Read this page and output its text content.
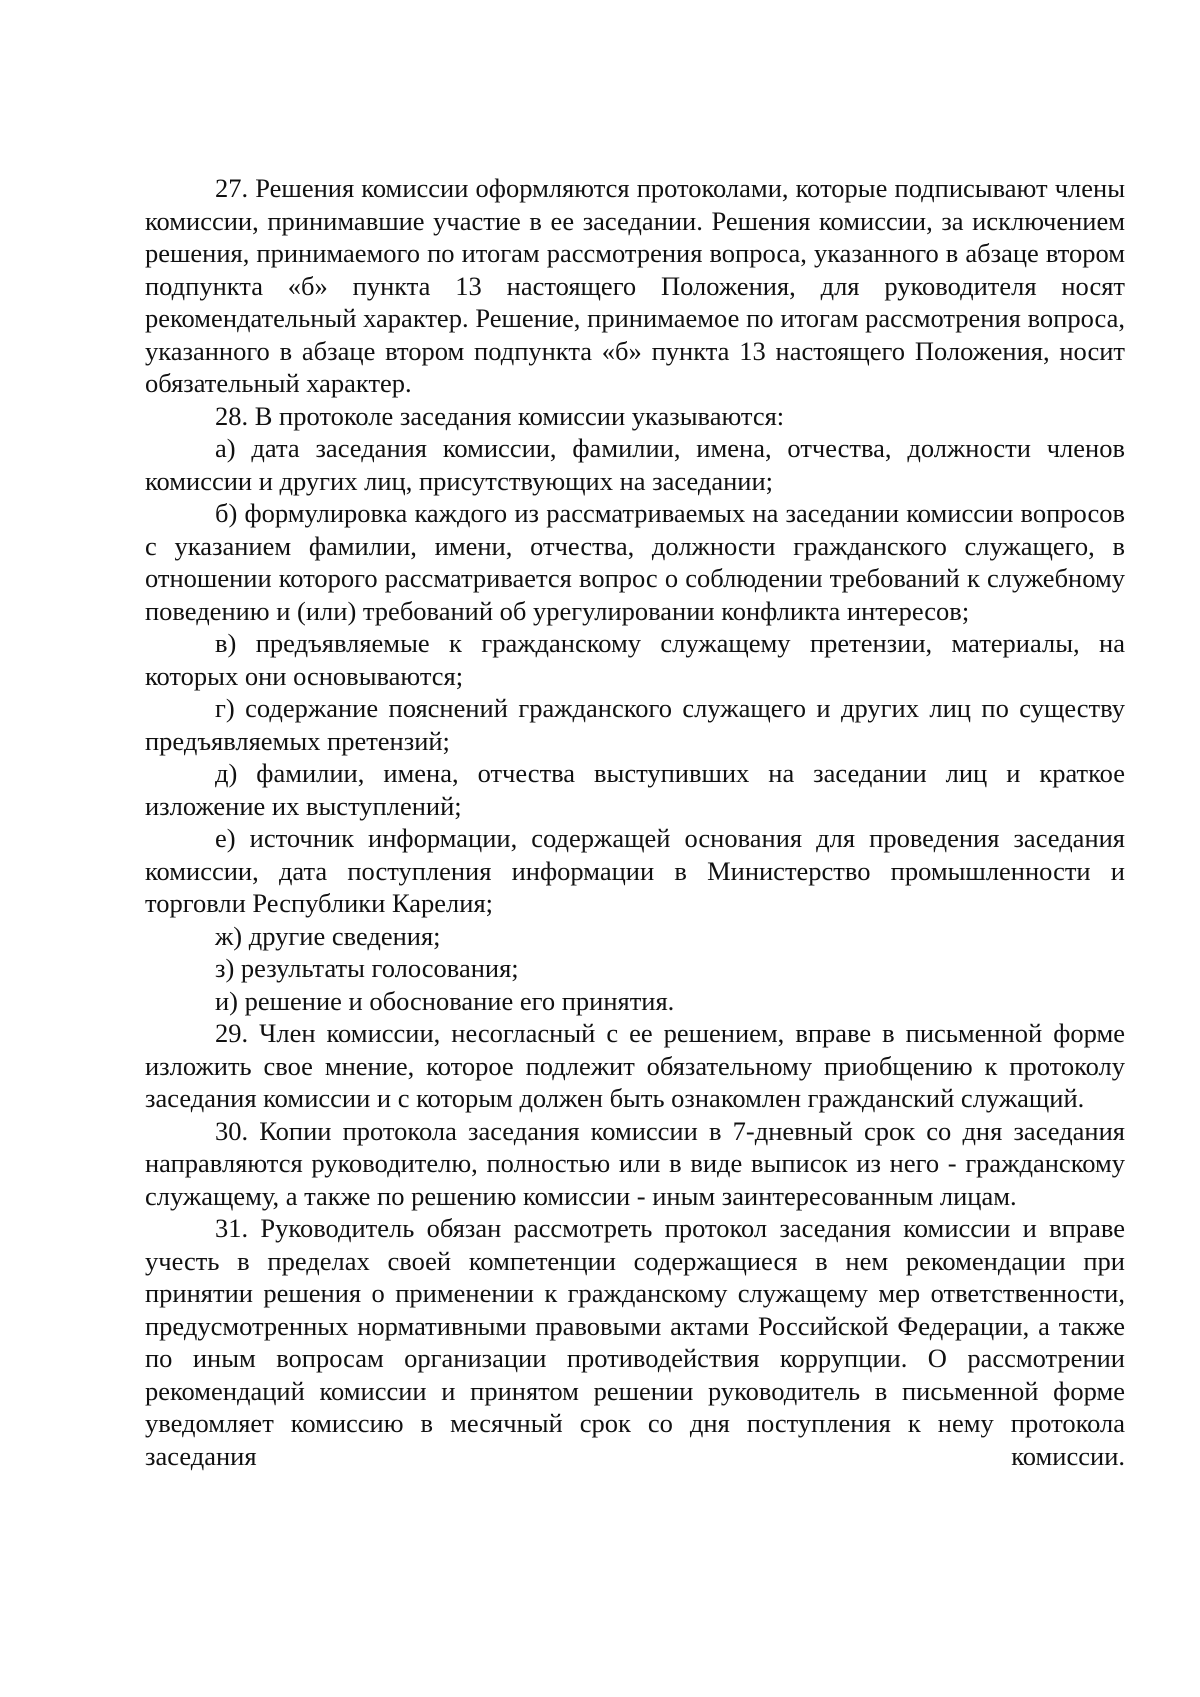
27. Решения комиссии оформляются протоколами, которые подписывают члены комиссии, принимавшие участие в ее заседании. Решения комиссии, за исключением решения, принимаемого по итогам рассмотрения вопроса, указанного в абзаце втором подпункта «б» пункта 13 настоящего Положения, для руководителя носят рекомендательный характер. Решение, принимаемое по итогам рассмотрения вопроса, указанного в абзаце втором подпункта «б» пункта 13 настоящего Положения, носит обязательный характер.

28. В протоколе заседания комиссии указываются:

а) дата заседания комиссии, фамилии, имена, отчества, должности членов комиссии и других лиц, присутствующих на заседании;

б) формулировка каждого из рассматриваемых на заседании комиссии вопросов с указанием фамилии, имени, отчества, должности гражданского служащего, в отношении которого рассматривается вопрос о соблюдении требований к служебному поведению и (или) требований об урегулировании конфликта интересов;

в) предъявляемые к гражданскому служащему претензии, материалы, на которых они основываются;

г) содержание пояснений гражданского служащего и других лиц по существу предъявляемых претензий;

д) фамилии, имена, отчества выступивших на заседании лиц и краткое изложение их выступлений;

е) источник информации, содержащей основания для проведения заседания комиссии, дата поступления информации в Министерство промышленности и торговли Республики Карелия;

ж) другие сведения;

з) результаты голосования;

и) решение и обоснование его принятия.

29. Член комиссии, несогласный с ее решением, вправе в письменной форме изложить свое мнение, которое подлежит обязательному приобщению к протоколу заседания комиссии и с которым должен быть ознакомлен гражданский служащий.

30. Копии протокола заседания комиссии в 7-дневный срок со дня заседания направляются руководителю, полностью или в виде выписок из него - гражданскому служащему, а также по решению комиссии - иным заинтересованным лицам.

31. Руководитель обязан рассмотреть протокол заседания комиссии и вправе учесть в пределах своей компетенции содержащиеся в нем рекомендации при принятии решения о применении к гражданскому служащему мер ответственности, предусмотренных нормативными правовыми актами Российской Федерации, а также по иным вопросам организации противодействия коррупции. О рассмотрении рекомендаций комиссии и принятом решении руководитель в письменной форме уведомляет комиссию в месячный срок со дня поступления к нему протокола заседания комиссии.
